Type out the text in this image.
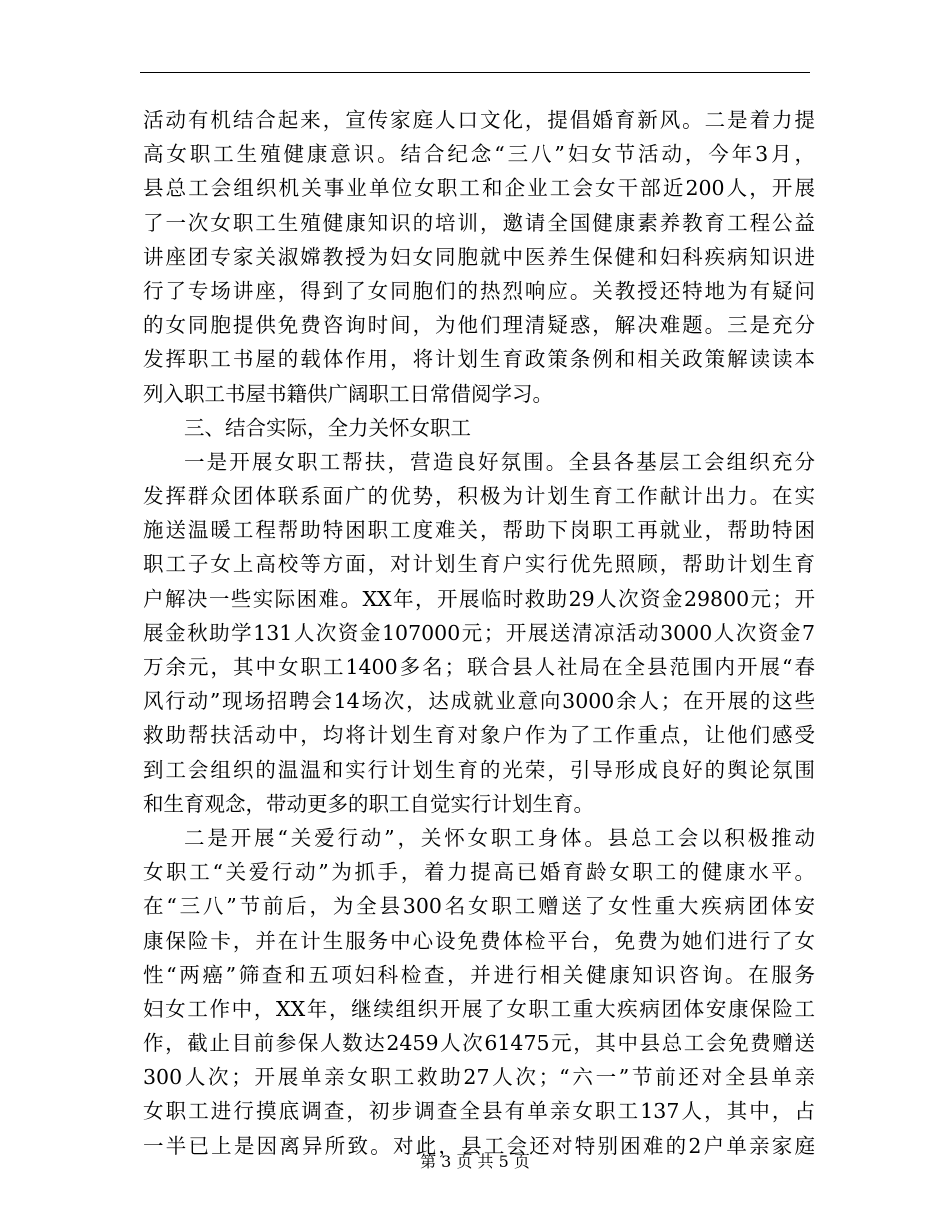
活动有机结合起来，宣传家庭人口文化，提倡婚育新风。二是着力提
高女职工生殖健康意识。结合纪念“三八”妇女节活动，今年3月，
县总工会组织机关事业单位女职工和企业工会女干部近200人，开展
了一次女职工生殖健康知识的培训，邀请全国健康素养教育工程公益
讲座团专家关淑嫦教授为妇女同胞就中医养生保健和妇科疾病知识进
行了专场讲座，得到了女同胞们的热烈响应。关教授还特地为有疑问
的女同胞提供免费咨询时间，为他们理清疑惑，解决难题。三是充分
发挥职工书屋的载体作用，将计划生育政策条例和相关政策解读读本
列入职工书屋书籍供广阔职工日常借阅学习。
三、结合实际，全力关怀女职工
一是开展女职工帮扶，营造良好氛围。全县各基层工会组织充分
发挥群众团体联系面广的优势，积极为计划生育工作献计出力。在实
施送温暖工程帮助特困职工度难关，帮助下岗职工再就业，帮助特困
职工子女上高校等方面，对计划生育户实行优先照顾，帮助计划生育
户解决一些实际困难。XX年，开展临时救助29人次资金29800元；开
展金秋助学131人次资金107000元；开展送清凉活动3000人次资金7
万余元，其中女职工1400多名；联合县人社局在全县范围内开展“春
风行动”现场招聘会14场次，达成就业意向3000余人；在开展的这些
救助帮扶活动中，均将计划生育对象户作为了工作重点，让他们感受
到工会组织的温温和实行计划生育的光荣，引导形成良好的舆论氛围
和生育观念，带动更多的职工自觉实行计划生育。
二是开展“关爱行动”，关怀女职工身体。县总工会以积极推动
女职工“关爱行动”为抓手，着力提高已婚育龄女职工的健康水平。
在“三八”节前后，为全县300名女职工赠送了女性重大疾病团体安
康保险卡，并在计生服务中心设免费体检平台，免费为她们进行了女
性“两癌”筛查和五项妇科检查，并进行相关健康知识咨询。在服务
妇女工作中，XX年，继续组织开展了女职工重大疾病团体安康保险工
作，截止目前参保人数达2459人次61475元，其中县总工会免费赠送
300人次；开展单亲女职工救助27人次；“六一”节前还对全县单亲
女职工进行摸底调查，初步调查全县有单亲女职工137人，其中，占
一半已上是因离异所致。对此，县工会还对特别困难的2户单亲家庭
第 3 页 共 5 页
